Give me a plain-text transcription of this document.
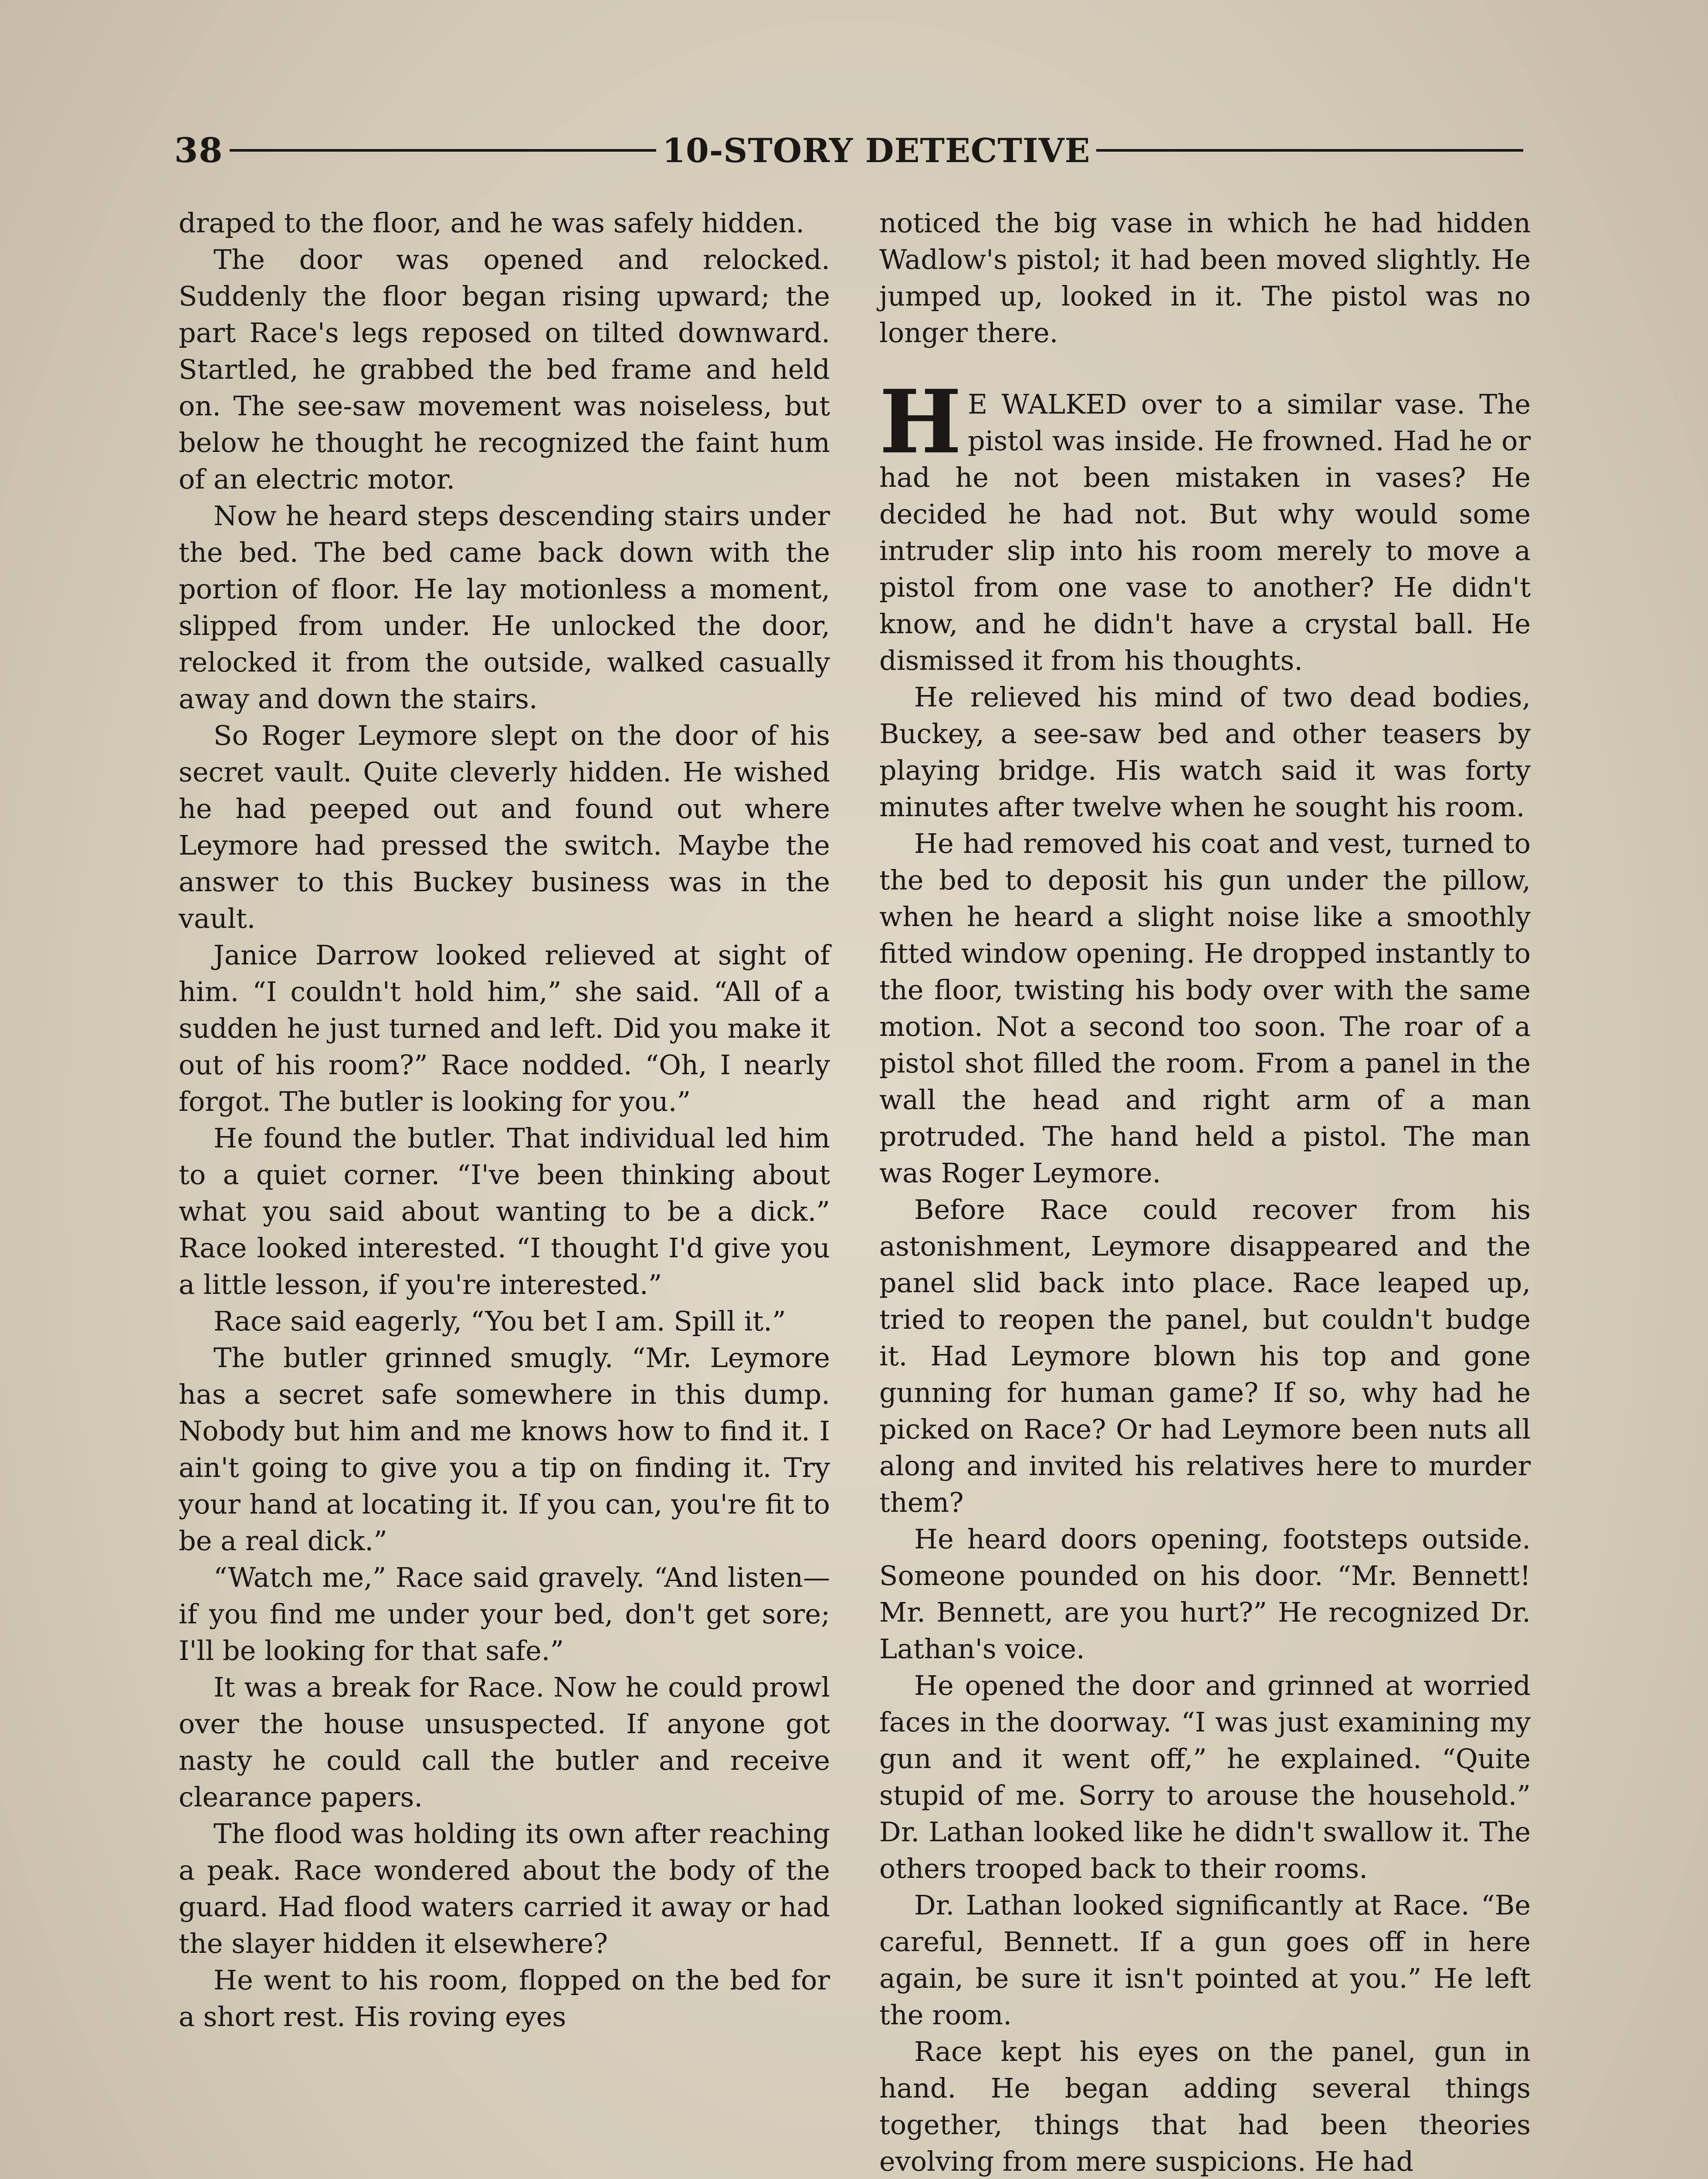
38	10-STORY DETECTIVE

draped to the floor, and he was safely hidden.

The door was opened and relocked. Suddenly the floor began rising upward; the part Race's legs reposed on tilted downward. Startled, he grabbed the bed frame and held on. The see-saw movement was noiseless, but below he thought he recognized the faint hum of an electric motor.

Now he heard steps descending stairs under the bed. The bed came back down with the portion of floor. He lay motionless a moment, slipped from under. He unlocked the door, relocked it from the outside, walked casually away and down the stairs.

So Roger Leymore slept on the door of his secret vault. Quite cleverly hidden. He wished he had peeped out and found out where Leymore had pressed the switch. Maybe the answer to this Buckey business was in the vault.

Janice Darrow looked relieved at sight of him. “I couldn't hold him,” she said. “All of a sudden he just turned and left. Did you make it out of his room?” Race nodded. “Oh, I nearly forgot. The butler is looking for you.”

He found the butler. That individual led him to a quiet corner. “I've been thinking about what you said about wanting to be a dick.” Race looked interested. “I thought I'd give you a little lesson, if you're interested.”

Race said eagerly, “You bet I am. Spill it.”

The butler grinned smugly. “Mr. Leymore has a secret safe somewhere in this dump. Nobody but him and me knows how to find it. I ain't going to give you a tip on finding it. Try your hand at locating it. If you can, you're fit to be a real dick.”

“Watch me,” Race said gravely. “And listen—if you find me under your bed, don't get sore; I'll be looking for that safe.”

It was a break for Race. Now he could prowl over the house unsuspected. If anyone got nasty he could call the butler and receive clearance papers.

The flood was holding its own after reaching a peak. Race wondered about the body of the guard. Had flood waters carried it away or had the slayer hidden it elsewhere?

He went to his room, flopped on the bed for a short rest. His roving eyes

noticed the big vase in which he had hidden Wadlow's pistol; it had been moved slightly. He jumped up, looked in it. The pistol was no longer there.

H E WALKED over to a similar vase. The pistol was inside. He frowned. Had he or had he not been mistaken in vases? He decided he had not. But why would some intruder slip into his room merely to move a pistol from one vase to another? He didn't know, and he didn't have a crystal ball. He dismissed it from his thoughts.

He relieved his mind of two dead bodies, Buckey, a see-saw bed and other teasers by playing bridge. His watch said it was forty minutes after twelve when he sought his room.

He had removed his coat and vest, turned to the bed to deposit his gun under the pillow, when he heard a slight noise like a smoothly fitted window opening. He dropped instantly to the floor, twisting his body over with the same motion. Not a second too soon. The roar of a pistol shot filled the room. From a panel in the wall the head and right arm of a man protruded. The hand held a pistol. The man was Roger Leymore.

Before Race could recover from his astonishment, Leymore disappeared and the panel slid back into place. Race leaped up, tried to reopen the panel, but couldn't budge it. Had Leymore blown his top and gone gunning for human game? If so, why had he picked on Race? Or had Leymore been nuts all along and invited his relatives here to murder them?

He heard doors opening, footsteps outside. Someone pounded on his door. “Mr. Bennett! Mr. Bennett, are you hurt?” He recognized Dr. Lathan's voice.

He opened the door and grinned at worried faces in the doorway. “I was just examining my gun and it went off,” he explained. “Quite stupid of me. Sorry to arouse the household.” Dr. Lathan looked like he didn't swallow it. The others trooped back to their rooms.

Dr. Lathan looked significantly at Race. “Be careful, Bennett. If a gun goes off in here again, be sure it isn't pointed at you.” He left the room.

Race kept his eyes on the panel, gun in hand. He began adding several things together, things that had been theories evolving from mere suspicions. He had
